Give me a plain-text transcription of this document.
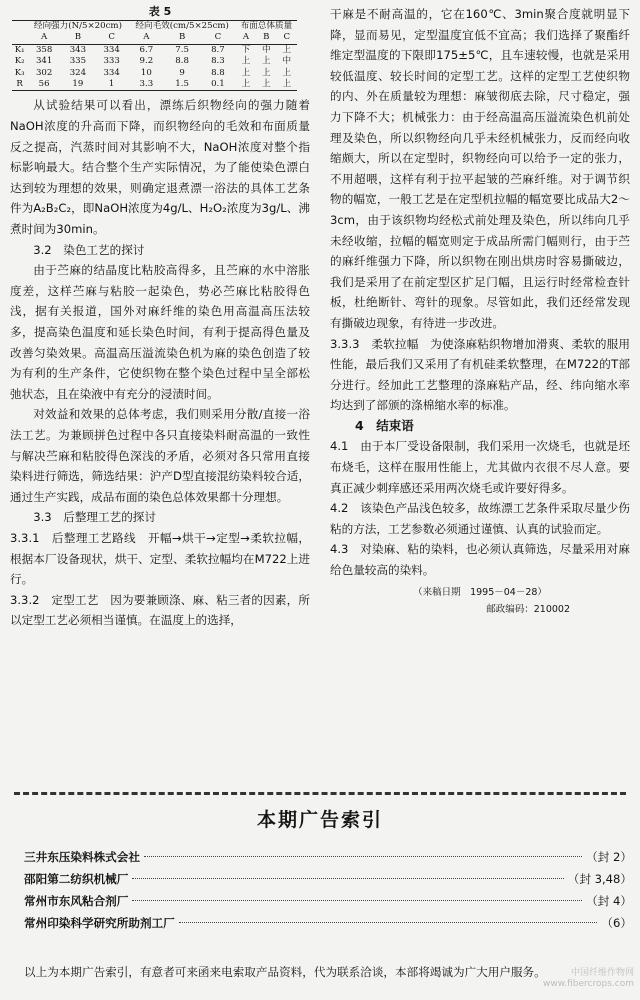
表 5
	经向强力(N/5×20cm)			经向毛效(cm/5×25cm)			布面总体质量		
	A	B	C	A	B	C	A	B	C
K₁	358	343	334	6.7	7.5	8.7	下	中	上
K₂	341	335	333	9.2	8.8	8.3	上	上	中
K₃	302	324	334	10	9	8.8	上	上	上
R	56	19	1	3.3	1.5	0.1	上	上	上

从试验结果可以看出，漂练后织物经向的强力随着NaOH浓度的升高而下降，而织物经向的毛效和布面质量反之提高，汽蒸时间对其影响不大，NaOH浓度对整个指标影响最大。结合整个生产实际情况，为了能使染色漂白达到较为理想的效果，则确定退煮漂一浴法的具体工艺条件为A₂B₂C₂，即NaOH浓度为4g/L、H₂O₂浓度为3g/L、沸煮时间为30min。

3.2　染色工艺的探讨

由于苎麻的结晶度比粘胶高得多，且苎麻的水中溶胀度差，这样苎麻与粘胶一起染色，势必苎麻比粘胶得色浅，据有关报道，国外对麻纤维的染色用高温高压法较多，提高染色温度和延长染色时间，有利于提高得色量及改善匀染效果。高温高压溢流染色机为麻的染色创造了较为有利的生产条件，它使织物在整个染色过程中呈全部松弛状态，且在染液中有充分的浸渍时间。

对效益和效果的总体考虑，我们则采用分散/直接一浴法工艺。为兼顾拼色过程中各只直接染料耐高温的一致性与解决苎麻和粘胶得色深浅的矛盾，必须对各只常用直接染料进行筛选，筛选结果：沪产D型直接混纺染料较合适，通过生产实践，成品布面的染色总体效果都十分理想。

3.3　后整理工艺的探讨

3.3.1　后整理工艺路线　开幅→烘干→定型→柔软拉幅，根据本厂设备现状，烘干、定型、柔软拉幅均在M722上进行。

3.3.2　定型工艺　因为要兼顾涤、麻、粘三者的因素，所以定型工艺必须相当谨慎。在温度上的选择，

干麻是不耐高温的，它在160℃、3min聚合度就明显下降，显而易见，定型温度宜低不宜高；我们选择了聚酯纤维定型温度的下限即175±5℃，且车速较慢，也就是采用较低温度、较长时间的定型工艺。这样的定型工艺使织物的内、外在质量较为理想：麻皱彻底去除，尺寸稳定，强力下降不大；机械张力：由于经高温高压溢流染色机前处理及染色，所以织物经向几乎未经机械张力，反而经向收缩颇大，所以在定型时，织物经向可以给予一定的张力，不用超喂，这样有利于拉平起皱的苎麻纤维。对于调节织物的幅宽，一般工艺是在定型机拉幅的幅宽要比成品大2～3cm，由于该织物均经松式前处理及染色，所以纬向几乎未经收缩，拉幅的幅宽则定于成品所需门幅则行，由于苎的麻纤维强力下降，所以织物在刚出烘房时容易撕破边，我们是采用了在前定型区扩足门幅，且运行时经常检查针板，杜绝断针、弯针的现象。尽管如此，我们还经常发现有撕破边现象，有待进一步改进。

3.3.3　柔软拉幅　为使涤麻粘织物增加滑爽、柔软的服用性能，最后我们又采用了有机硅柔软整理，在M722的T部分进行。经加此工艺整理的涤麻粘产品，经、纬向缩水率均达到了部颁的涤棉缩水率的标准。

4　结束语

4.1　由于本厂受设备限制，我们采用一次烧毛，也就是坯布烧毛，这样在服用性能上，尤其做内衣很不尽人意。要真正减少刺痒感还采用两次烧毛或许要好得多。

4.2　该染色产品浅色较多，故练漂工艺条件采取尽量少伤粘的方法，工艺参数必须通过谨慎、认真的试验而定。

4.3　对染麻、粘的染料，也必须认真筛选，尽量采用对麻给色量较高的染料。

（来稿日期　1995－04－28）
邮政编码：210002
本期广告索引
三井东压染料株式会社	（封 2）
邵阳第二纺织机械厂	（封 3,48）
常州市东风粘合剂厂	（封 4）
常州印染科学研究所助剂工厂	（6）
以上为本期广告索引，有意者可来函来电索取产品资料，代为联系洽谈，本部将竭诚为广大用户服务。	中国纤维作物网
www.fibercrops.com
